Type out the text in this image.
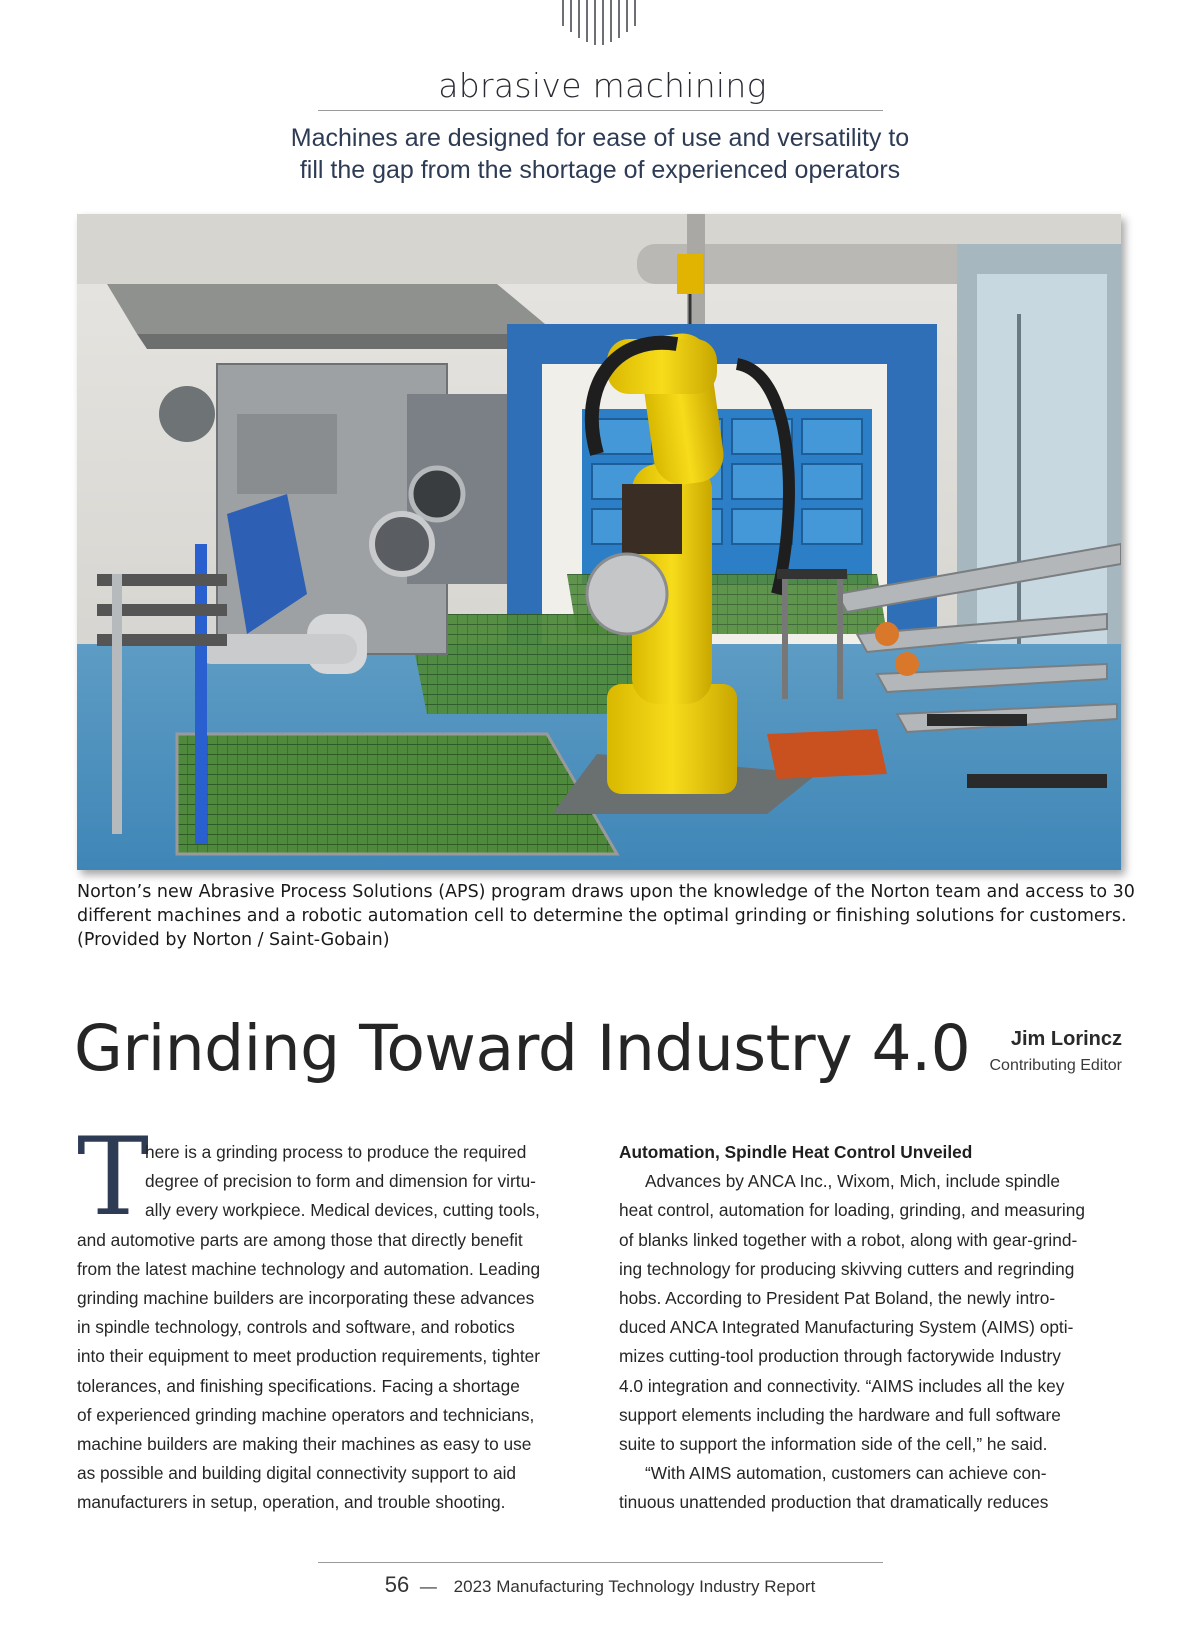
abrasive machining
Machines are designed for ease of use and versatility to
fill the gap from the shortage of experienced operators
Norton’s new Abrasive Process Solutions (APS) program draws upon the knowledge of the Norton team and access to 30
different machines and a robotic automation cell to determine the optimal grinding or finishing solutions for customers.
(Provided by Norton / Saint-Gobain)
Grinding Toward Industry 4.0	Jim Lorincz
Contributing Editor
T
here is a grinding process to produce the required
degree of precision to form and dimension for virtu-
ally every workpiece. Medical devices, cutting tools,
and automotive parts are among those that directly benefit
from the latest machine technology and automation. Leading
grinding machine builders are incorporating these advances
in spindle technology, controls and software, and robotics
into their equipment to meet production requirements, tighter
tolerances, and finishing specifications. Facing a shortage
of experienced grinding machine operators and technicians,
machine builders are making their machines as easy to use
as possible and building digital connectivity support to aid
manufacturers in setup, operation, and trouble shooting.
Automation, Spindle Heat Control Unveiled
Advances by ANCA Inc., Wixom, Mich, include spindle
heat control, automation for loading, grinding, and measuring
of blanks linked together with a robot, along with gear-grind-
ing technology for producing skivving cutters and regrinding
hobs. According to President Pat Boland, the newly intro-
duced ANCA Integrated Manufacturing System (AIMS) opti-
mizes cutting-tool production through factorywide Industry
4.0 integration and connectivity. “AIMS includes all the key
support elements including the hardware and full software
suite to support the information side of the cell,” he said.
“With AIMS automation, customers can achieve con-
tinuous unattended production that dramatically reduces
56 — 2023 Manufacturing Technology Industry Report
